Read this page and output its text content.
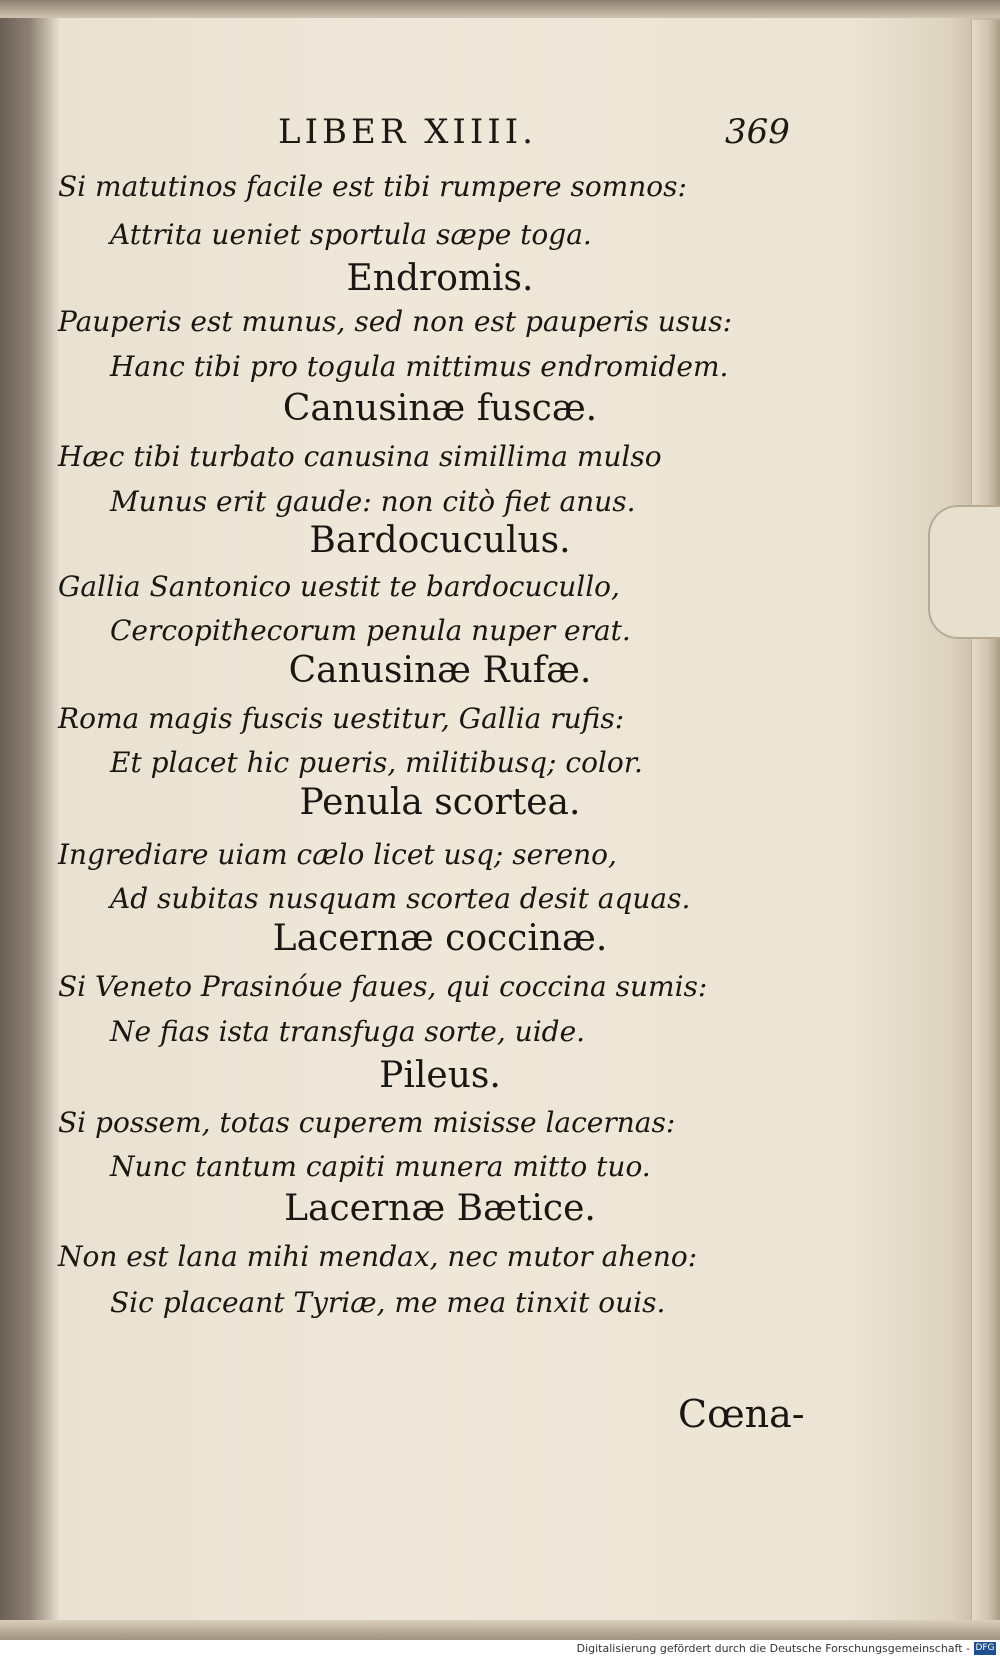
LIBER XIIII.	369
Si matutinos facile est tibi rumpere somnos:
Attrita ueniet sportula sæpe toga.
Endromis.
Pauperis est munus, sed non est pauperis usus:
Hanc tibi pro togula mittimus endromidem.
Canusinæ fuscæ.
Hæc tibi turbato canusina simillima mulso
Munus erit gaude: non citò fiet anus.
Bardocuculus.
Gallia Santonico uestit te bardocucullo,
Cercopithecorum penula nuper erat.
Canusinæ Rufæ.
Roma magis fuscis uestitur, Gallia rufis:
Et placet hic pueris, militibusq; color.
Penula scortea.
Ingrediare uiam cælo licet usq; sereno,
Ad subitas nusquam scortea desit aquas.
Lacernæ coccinæ.
Si Veneto Prasinóue faues, qui coccina sumis:
Ne fias ista transfuga sorte, uide.
Pileus.
Si possem, totas cuperem misisse lacernas:
Nunc tantum capiti munera mitto tuo.
Lacernæ Bætice.
Non est lana mihi mendax, nec mutor aheno:
Sic placeant Tyriæ, me mea tinxit ouis.
Cœna-
Digitalisierung gefördert durch die Deutsche Forschungsgemeinschaft - DFG
